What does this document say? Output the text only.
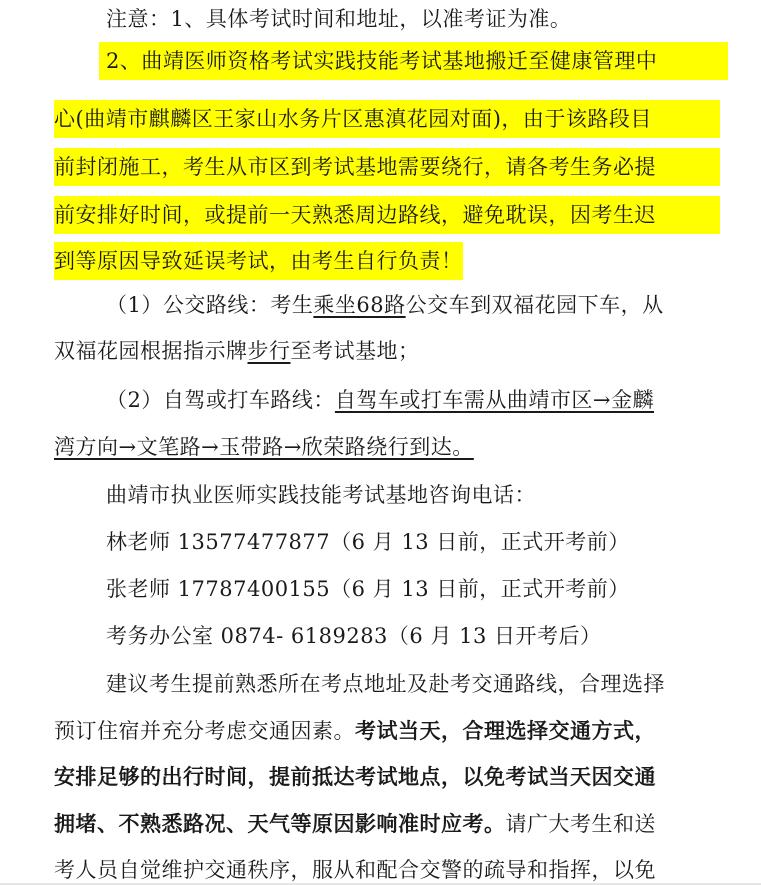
注意：1、具体考试时间和地址，以准考证为准。
2、曲靖医师资格考试实践技能考试基地搬迁至健康管理中
心(曲靖市麒麟区王家山水务片区惠滇花园对面)，由于该路段目
前封闭施工，考生从市区到考试基地需要绕行，请各考生务必提
前安排好时间，或提前一天熟悉周边路线，避免耽误，因考生迟
到等原因导致延误考试，由考生自行负责！
（1）公交路线：考生乘坐68路公交车到双福花园下车，从
双福花园根据指示牌步行至考试基地；
（2）自驾或打车路线：自驾车或打车需从曲靖市区→金麟
湾方向→文笔路→玉带路→欣荣路绕行到达。
曲靖市执业医师实践技能考试基地咨询电话：
林老师 13577477877（6 月 13 日前，正式开考前）
张老师 17787400155（6 月 13 日前，正式开考前）
考务办公室 0874- 6189283（6 月 13 日开考后）
建议考生提前熟悉所在考点地址及赴考交通路线，合理选择
预订住宿并充分考虑交通因素。考试当天，合理选择交通方式，
安排足够的出行时间，提前抵达考试地点，以免考试当天因交通
拥堵、不熟悉路况、天气等原因影响准时应考。请广大考生和送
考人员自觉维护交通秩序，服从和配合交警的疏导和指挥，以免
